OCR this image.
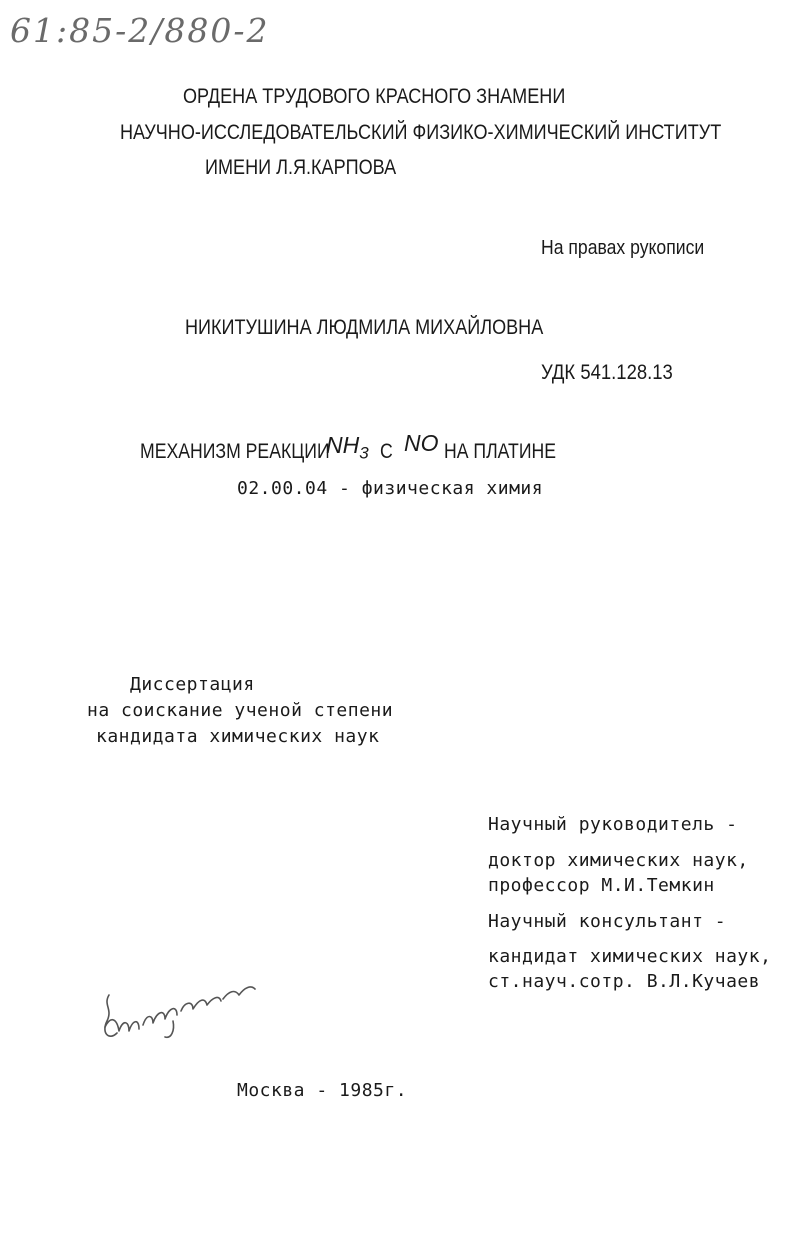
61:85-2/880-2
ОРДЕНА ТРУДОВОГО КРАСНОГО ЗНАМЕНИ
НАУЧНО-ИССЛЕДОВАТЕЛЬСКИЙ ФИЗИКО-ХИМИЧЕСКИЙ ИНСТИТУТ
ИМЕНИ Л.Я.КАРПОВА
На правах рукописи
НИКИТУШИНА ЛЮДМИЛА МИХАЙЛОВНА
УДК 541.128.13
МЕХАНИЗМ РЕАКЦИИ
$NH_3$ С NO НА ПЛАТИНЕ
02.00.04 - физическая химия
Диссертация
на соискание ученой степени
кандидата химических наук
Научный руководитель -
доктор химических наук,
профессор М.И.Темкин
Научный консультант -
кандидат химических наук,
ст.науч.сотр. В.Л.Кучаев
Москва - 1985г.
